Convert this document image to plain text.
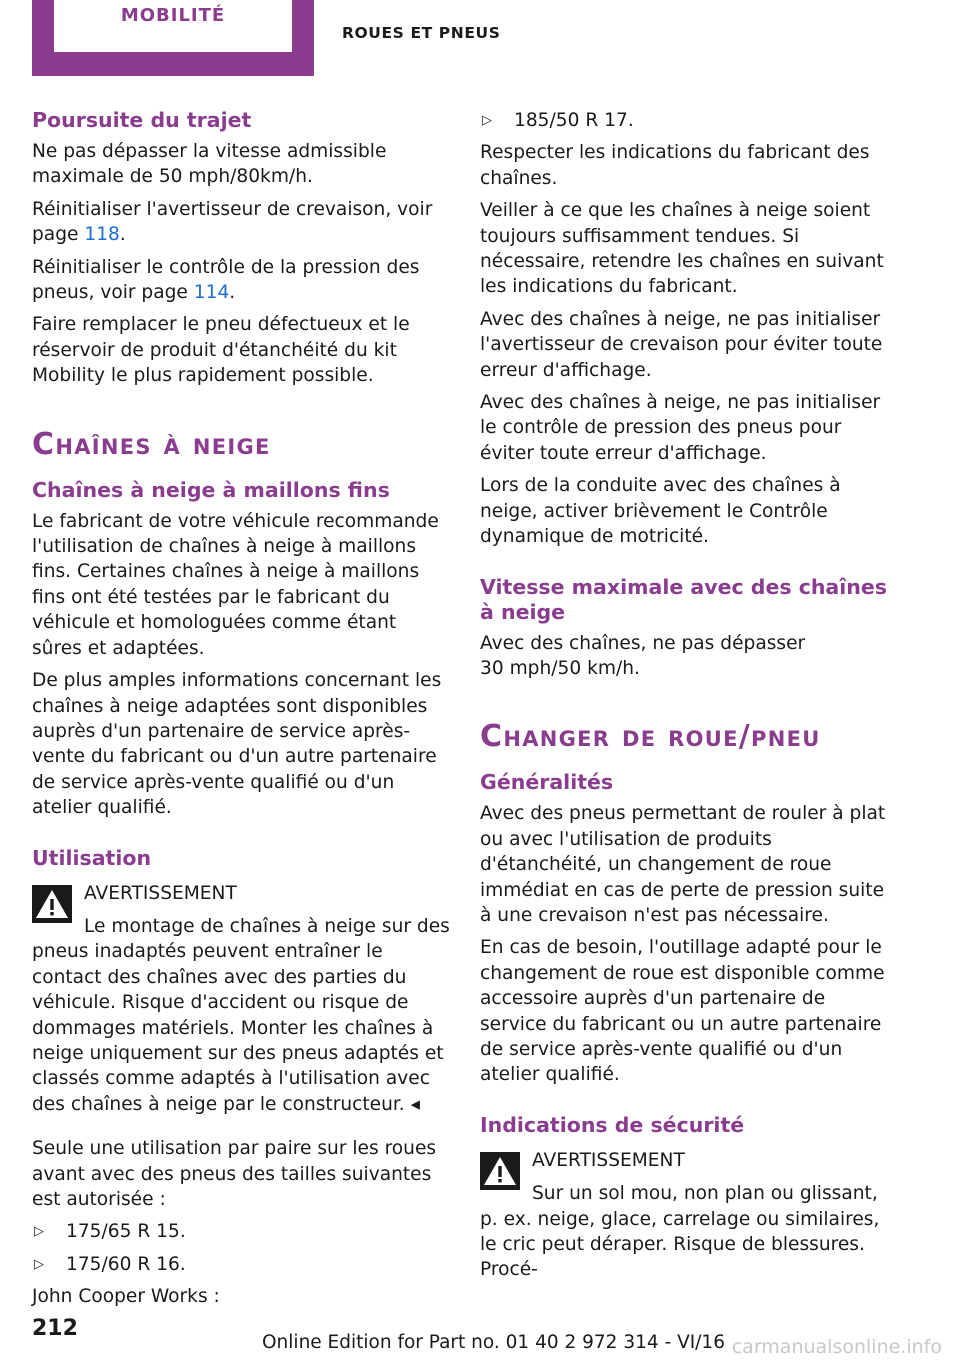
MOBILITÉ
ROUES ET PNEUS
Poursuite du trajet

Ne pas dépasser la vitesse admissible maximale de 50 mph/80km/h.

Réinitialiser l'avertisseur de crevaison, voir page 118.

Réinitialiser le contrôle de la pression des pneus, voir page 114.

Faire remplacer le pneu défectueux et le réservoir de produit d'étanchéité du kit Mobility le plus rapidement possible.

Chaînes à neige
Chaînes à neige à maillons fins

Le fabricant de votre véhicule recommande l'utilisation de chaînes à neige à maillons fins. Certaines chaînes à neige à maillons fins ont été testées par le fabricant du véhicule et homologuées comme étant sûres et adaptées.

De plus amples informations concernant les chaînes à neige adaptées sont disponibles auprès d'un partenaire de service après-vente du fabricant ou d'un autre partenaire de service après-vente qualifié ou d'un atelier qualifié.

Utilisation
AVERTISSEMENT

Le montage de chaînes à neige sur des pneus inadaptés peuvent entraîner le contact des chaînes avec des parties du véhicule. Risque d'accident ou risque de dommages matériels. Monter les chaînes à neige uniquement sur des pneus adaptés et classés comme adaptés à l'utilisation avec des chaînes à neige par le constructeur. ◂

Seule une utilisation par paire sur les roues avant avec des pneus des tailles suivantes est autorisée :

▷ 175/65 R 15.
▷ 175/60 R 16.

John Cooper Works :

▷ 185/50 R 17.

Respecter les indications du fabricant des chaînes.

Veiller à ce que les chaînes à neige soient toujours suffisamment tendues. Si nécessaire, retendre les chaînes en suivant les indications du fabricant.

Avec des chaînes à neige, ne pas initialiser l'avertisseur de crevaison pour éviter toute erreur d'affichage.

Avec des chaînes à neige, ne pas initialiser le contrôle de pression des pneus pour éviter toute erreur d'affichage.

Lors de la conduite avec des chaînes à neige, activer brièvement le Contrôle dynamique de motricité.

Vitesse maximale avec des chaînes à neige

Avec des chaînes, ne pas dépasser
30 mph/50 km/h.

Changer de roue/pneu
Généralités

Avec des pneus permettant de rouler à plat ou avec l'utilisation de produits d'étanchéité, un changement de roue immédiat en cas de perte de pression suite à une crevaison n'est pas nécessaire.

En cas de besoin, l'outillage adapté pour le changement de roue est disponible comme accessoire auprès d'un partenaire de service du fabricant ou un autre partenaire de service après-vente qualifié ou d'un atelier qualifié.

Indications de sécurité
AVERTISSEMENT

Sur un sol mou, non plan ou glissant, p. ex. neige, glace, carrelage ou similaires, le cric peut déraper. Risque de blessures. Procé-

212
Online Edition for Part no. 01 40 2 972 314 - VI/16 carmanualsonline.info
